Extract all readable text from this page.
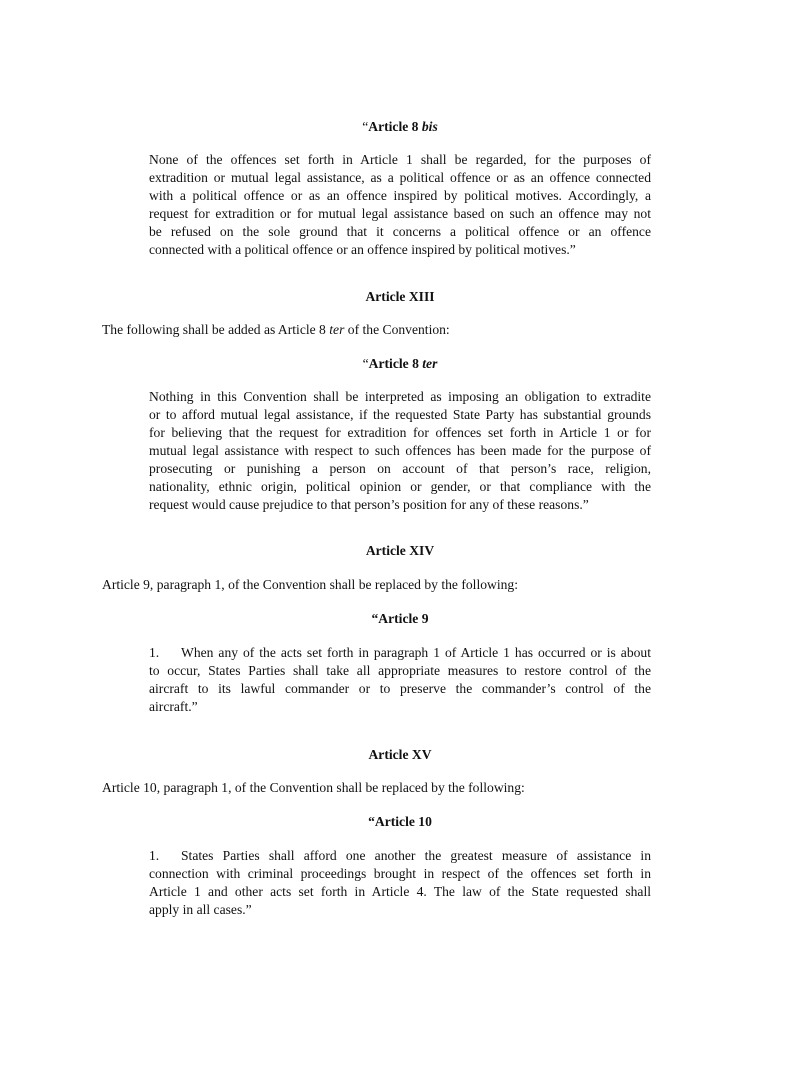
“Article 8 bis
None of the offences set forth in Article 1 shall be regarded, for the purposes of
extradition or mutual legal assistance, as a political offence or as an offence connected
with a political offence or as an offence inspired by political motives. Accordingly, a
request for extradition or for mutual legal assistance based on such an offence may not
be refused on the sole ground that it concerns a political offence or an offence
connected with a political offence or an offence inspired by political motives.”
Article XIII
The following shall be added as Article 8 ter of the Convention:
“Article 8 ter
Nothing in this Convention shall be interpreted as imposing an obligation to extradite
or to afford mutual legal assistance, if the requested State Party has substantial grounds
for believing that the request for extradition for offences set forth in Article 1 or for
mutual legal assistance with respect to such offences has been made for the purpose of
prosecuting or punishing a person on account of that person’s race, religion,
nationality, ethnic origin, political opinion or gender, or that compliance with the
request would cause prejudice to that person’s position for any of these reasons.”
Article XIV
Article 9, paragraph 1, of the Convention shall be replaced by the following:
“Article 9
1. When any of the acts set forth in paragraph 1 of Article 1 has occurred or is about
to occur, States Parties shall take all appropriate measures to restore control of the
aircraft to its lawful commander or to preserve the commander’s control of the
aircraft.”
Article XV
Article 10, paragraph 1, of the Convention shall be replaced by the following:
“Article 10
1. States Parties shall afford one another the greatest measure of assistance in
connection with criminal proceedings brought in respect of the offences set forth in
Article 1 and other acts set forth in Article 4. The law of the State requested shall
apply in all cases.”
